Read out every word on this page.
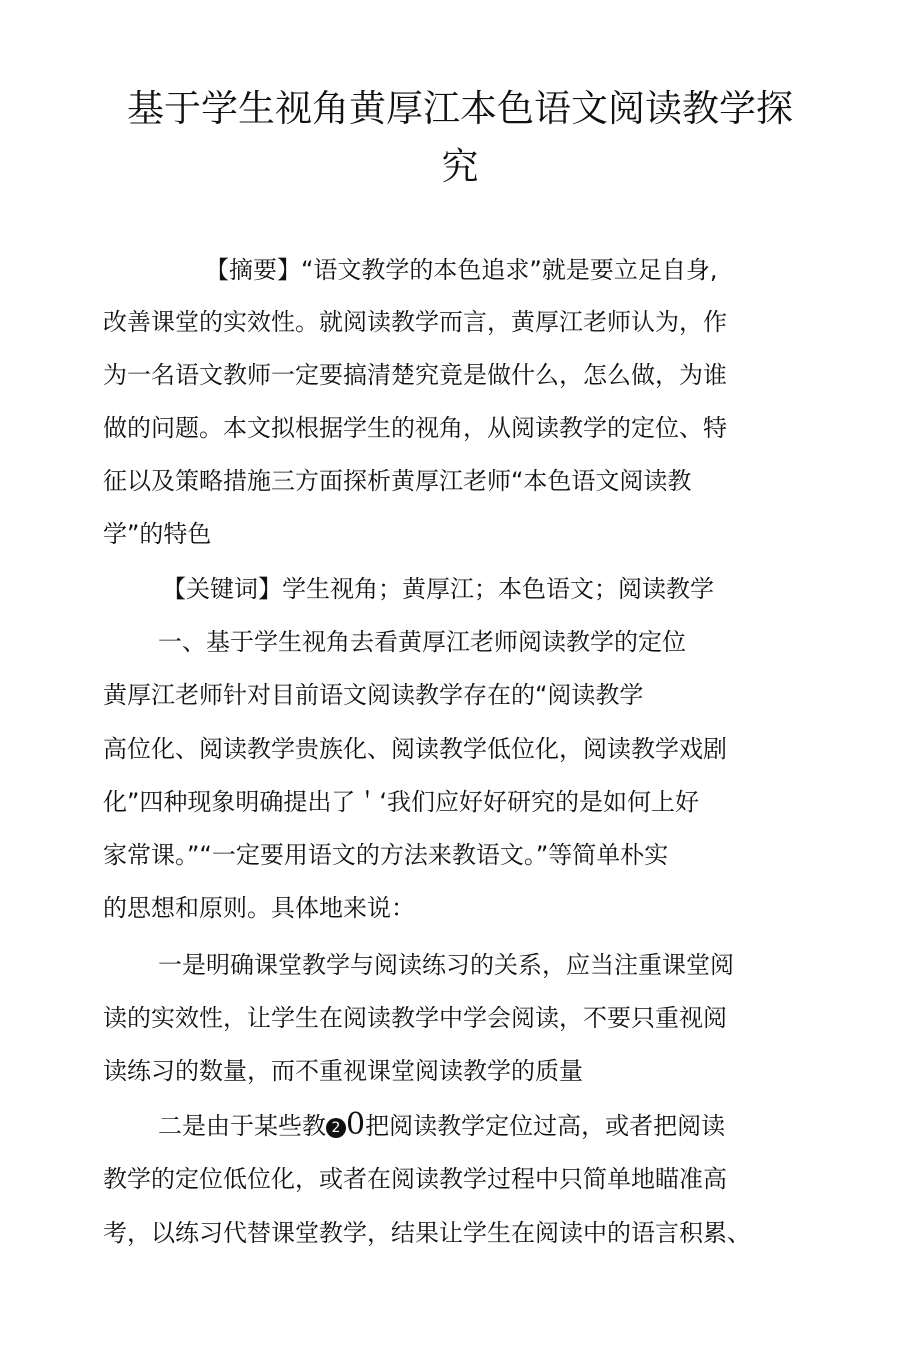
基于学生视角黄厚江本色语文阅读教学探
究
【摘要】“语文教学的本色追求”就是要立足自身,
改善课堂的实效性。就阅读教学而言，黄厚江老师认为，作
为一名语文教师一定要搞清楚究竟是做什么，怎么做，为谁
做的问题。本文拟根据学生的视角，从阅读教学的定位、特
征以及策略措施三方面探析黄厚江老师“本色语文阅读教
学”的特色
【关键词】学生视角；黄厚江；本色语文；阅读教学
一、基于学生视角去看黄厚江老师阅读教学的定位
黄厚江老师针对目前语文阅读教学存在的“阅读教学
高位化、阅读教学贵族化、阅读教学低位化，阅读教学戏剧
化”四种现象明确提出了＇‘我们应好好研究的是如何上好
家常课。”“一定要用语文的方法来教语文。”等简单朴实
的思想和原则。具体地来说：
一是明确课堂教学与阅读练习的关系，应当注重课堂阅
读的实效性，让学生在阅读教学中学会阅读，不要只重视阅
读练习的数量，而不重视课堂阅读教学的质量
二是由于某些教 2 0把阅读教学定位过高，或者把阅读
教学的定位低位化，或者在阅读教学过程中只简单地瞄准高
考，以练习代替课堂教学，结果让学生在阅读中的语言积累、
